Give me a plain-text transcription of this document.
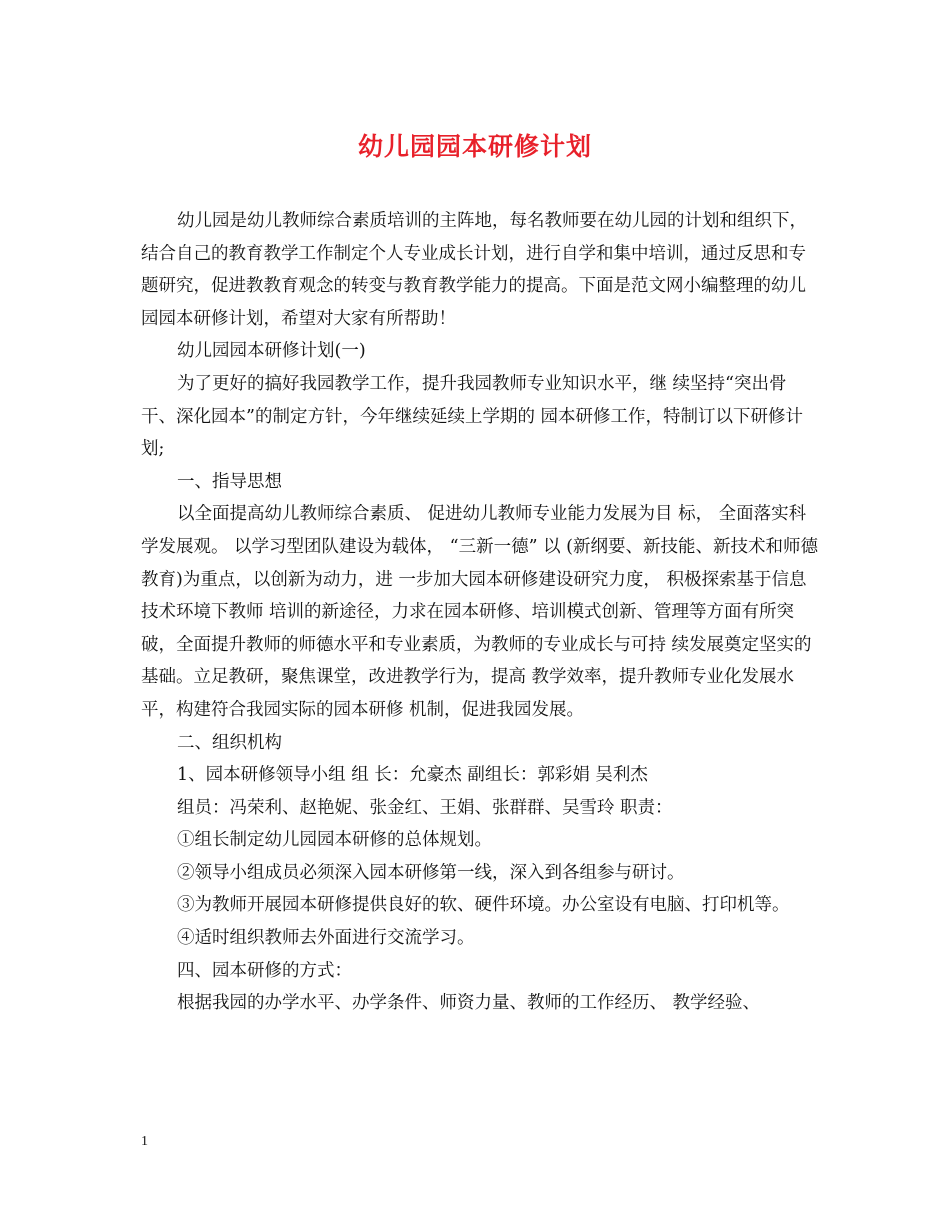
幼儿园园本研修计划

幼儿园是幼儿教师综合素质培训的主阵地，每名教师要在幼儿园的计划和组织下，结合自己的教育教学工作制定个人专业成长计划，进行自学和集中培训，通过反思和专题研究，促进教教育观念的转变与教育教学能力的提高。下面是范文网小编整理的幼儿园园本研修计划，希望对大家有所帮助！

幼儿园园本研修计划(一)

为了更好的搞好我园教学工作，提升我园教师专业知识水平，继 续坚持“突出骨干、深化园本”的制定方针，今年继续延续上学期的 园本研修工作，特制订以下研修计划;

一、指导思想

以全面提高幼儿教师综合素质、 促进幼儿教师专业能力发展为目 标， 全面落实科学发展观。 以学习型团队建设为载体， “三新一德” 以 (新纲要、新技能、新技术和师德教育)为重点，以创新为动力，进 一步加大园本研修建设研究力度， 积极探索基于信息技术环境下教师 培训的新途径，力求在园本研修、培训模式创新、管理等方面有所突 破，全面提升教师的师德水平和专业素质，为教师的专业成长与可持 续发展奠定坚实的基础。立足教研，聚焦课堂，改进教学行为，提高 教学效率，提升教师专业化发展水平，构建符合我园实际的园本研修 机制，促进我园发展。

二、组织机构

1、园本研修领导小组 组 长：允豪杰 副组长：郭彩娟 吴利杰

组员：冯荣利、赵艳妮、张金红、王娟、张群群、吴雪玲 职责：

①组长制定幼儿园园本研修的总体规划。

②领导小组成员必须深入园本研修第一线，深入到各组参与研讨。

③为教师开展园本研修提供良好的软、硬件环境。办公室设有电脑、打印机等。

④适时组织教师去外面进行交流学习。

四、园本研修的方式：

根据我园的办学水平、办学条件、师资力量、教师的工作经历、 教学经验、

1
